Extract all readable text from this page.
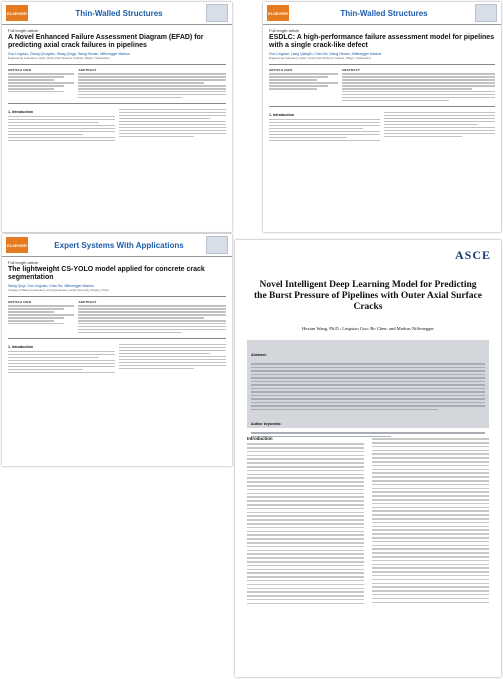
ELSEVIER	Thin-Walled Structures
Full length article
A Novel Enhanced Failure Assessment Diagram (EFAD) for predicting axial crack failures in pipelines
Guo Lingxiao, Zhang Qiongzhu, Wang Qingyi, Wang Hexian, Niffenegger Markus
Engineering Laboratory, Hefei, China; Paul Scherrer Institute, Villigen, Switzerland
ARTICLE INFO	ABSTRACT
1. Introduction
ELSEVIER	Thin-Walled Structures
Full length article
ESDLC: A high-performance failure assessment model for pipelines with a single crack-like defect
Guo Lingxiao, Liang Qianglin, Chen Bo, Wang Hexian, Niffenegger Markus
Engineering Laboratory, Hefei, China; Paul Scherrer Institute, Villigen, Switzerland
ARTICLE INFO	ABSTRACT
1. Introduction
ELSEVIER	Expert Systems With Applications
Full length article
The lightweight CS-YOLO model applied for concrete crack segmentation
Wang Qinyi, Guo Lingxiao, Chen Bo, Niffenegger Markus
College of Water Conservancy and Hydropower, Hohai University, Nanjing, China
ARTICLE INFO	ABSTRACT
1. Introduction
ASCE
Novel Intelligent Deep Learning Model for Predicting the Burst Pressure of Pipelines with Outer Axial Surface Cracks
Hexian Wang, Ph.D.; Lingxiao Guo; Bo Chen; and Markus Niffenegger
Abstract:
Author keywords:
Introduction
